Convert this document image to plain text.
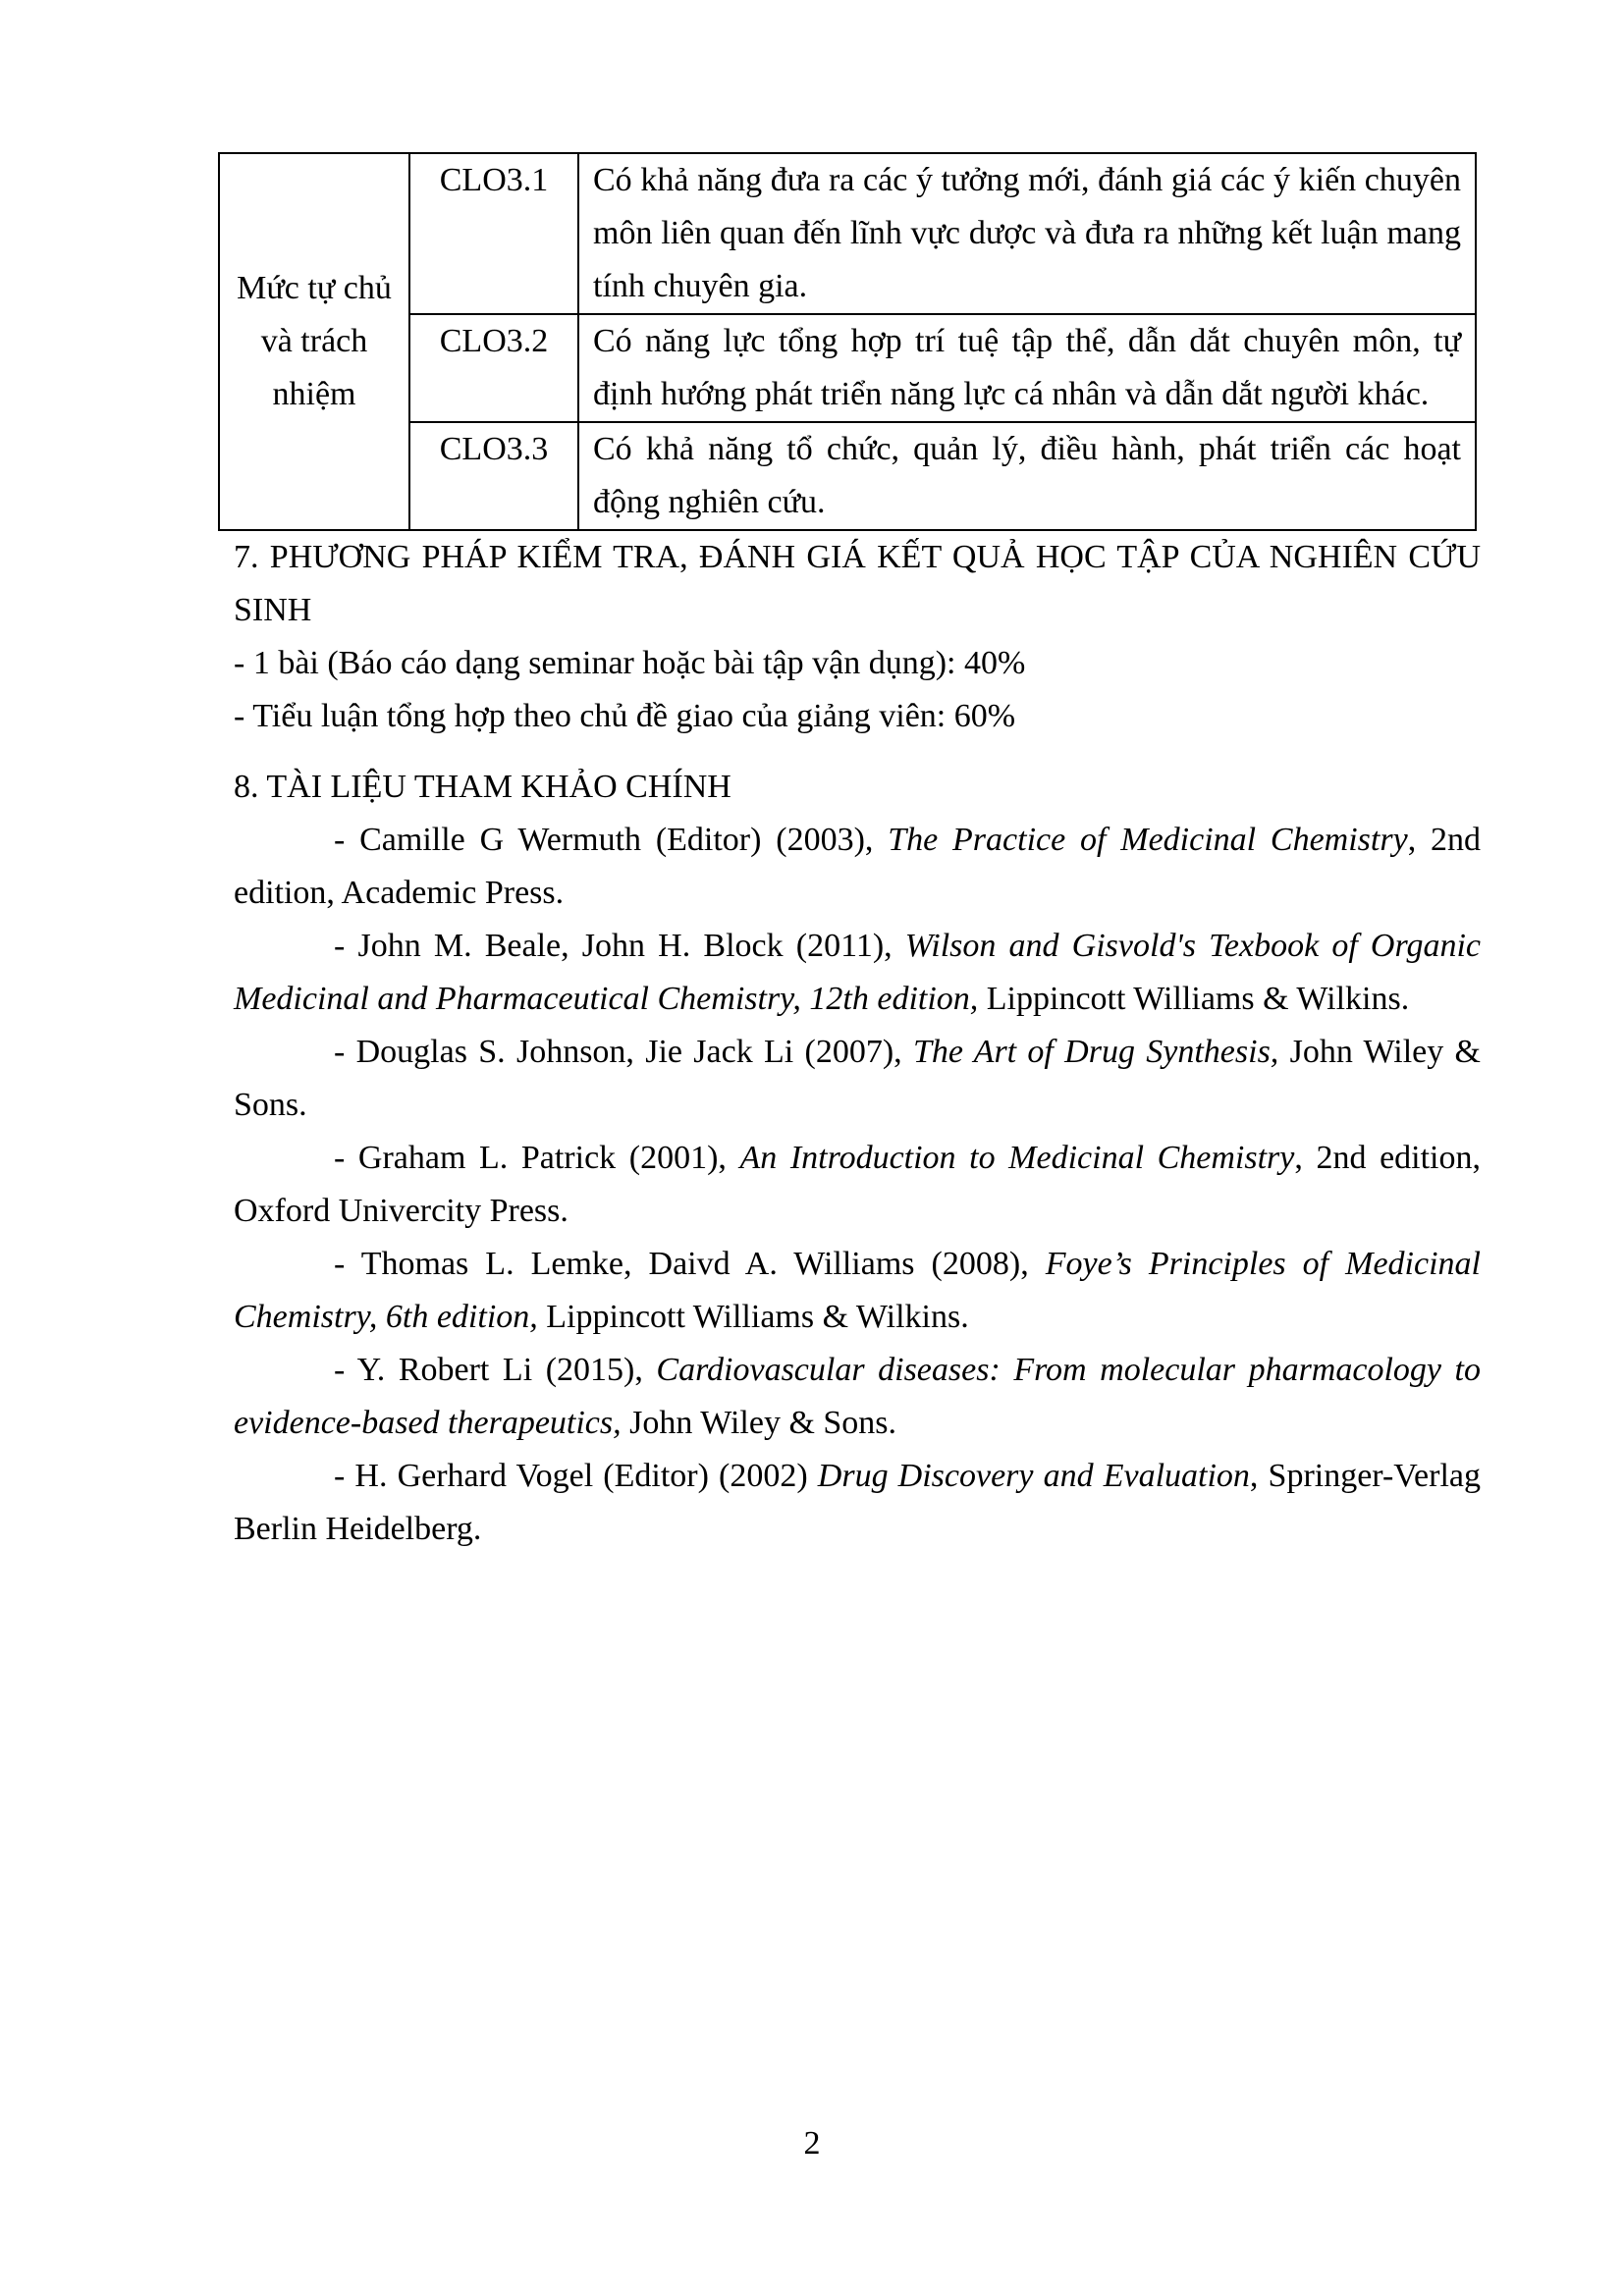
Mức tự chủ và trách nhiệm	CLO3.1	Có khả năng đưa ra các ý tưởng mới, đánh giá các ý kiến chuyên môn liên quan đến lĩnh vực dược và đưa ra những kết luận mang tính chuyên gia.
	CLO3.2	Có năng lực tổng hợp trí tuệ tập thể, dẫn dắt chuyên môn, tự định hướng phát triển năng lực cá nhân và dẫn dắt người khác.
	CLO3.3	Có khả năng tổ chức, quản lý, điều hành, phát triển các hoạt động nghiên cứu.

7. PHƯƠNG PHÁP KIỂM TRA, ĐÁNH GIÁ KẾT QUẢ HỌC TẬP CỦA NGHIÊN CỨU SINH

- 1 bài (Báo cáo dạng seminar hoặc bài tập vận dụng): 40%

- Tiểu luận tổng hợp theo chủ đề giao của giảng viên: 60%

8. TÀI LIỆU THAM KHẢO CHÍNH

- Camille G Wermuth (Editor) (2003), The Practice of Medicinal Chemistry, 2nd edition, Academic Press.

- John M. Beale, John H. Block (2011), Wilson and Gisvold's Texbook of Organic Medicinal and Pharmaceutical Chemistry, 12th edition, Lippincott Williams & Wilkins.

- Douglas S. Johnson, Jie Jack Li (2007), The Art of Drug Synthesis, John Wiley & Sons.

- Graham L. Patrick (2001), An Introduction to Medicinal Chemistry, 2nd edition, Oxford Univercity Press.

- Thomas L. Lemke, Daivd A. Williams (2008), Foye’s Principles of Medicinal Chemistry, 6th edition, Lippincott Williams & Wilkins.

- Y. Robert Li (2015), Cardiovascular diseases: From molecular pharmacology to evidence-based therapeutics, John Wiley & Sons.

- H. Gerhard Vogel (Editor) (2002) Drug Discovery and Evaluation, Springer-Verlag Berlin Heidelberg.

2
